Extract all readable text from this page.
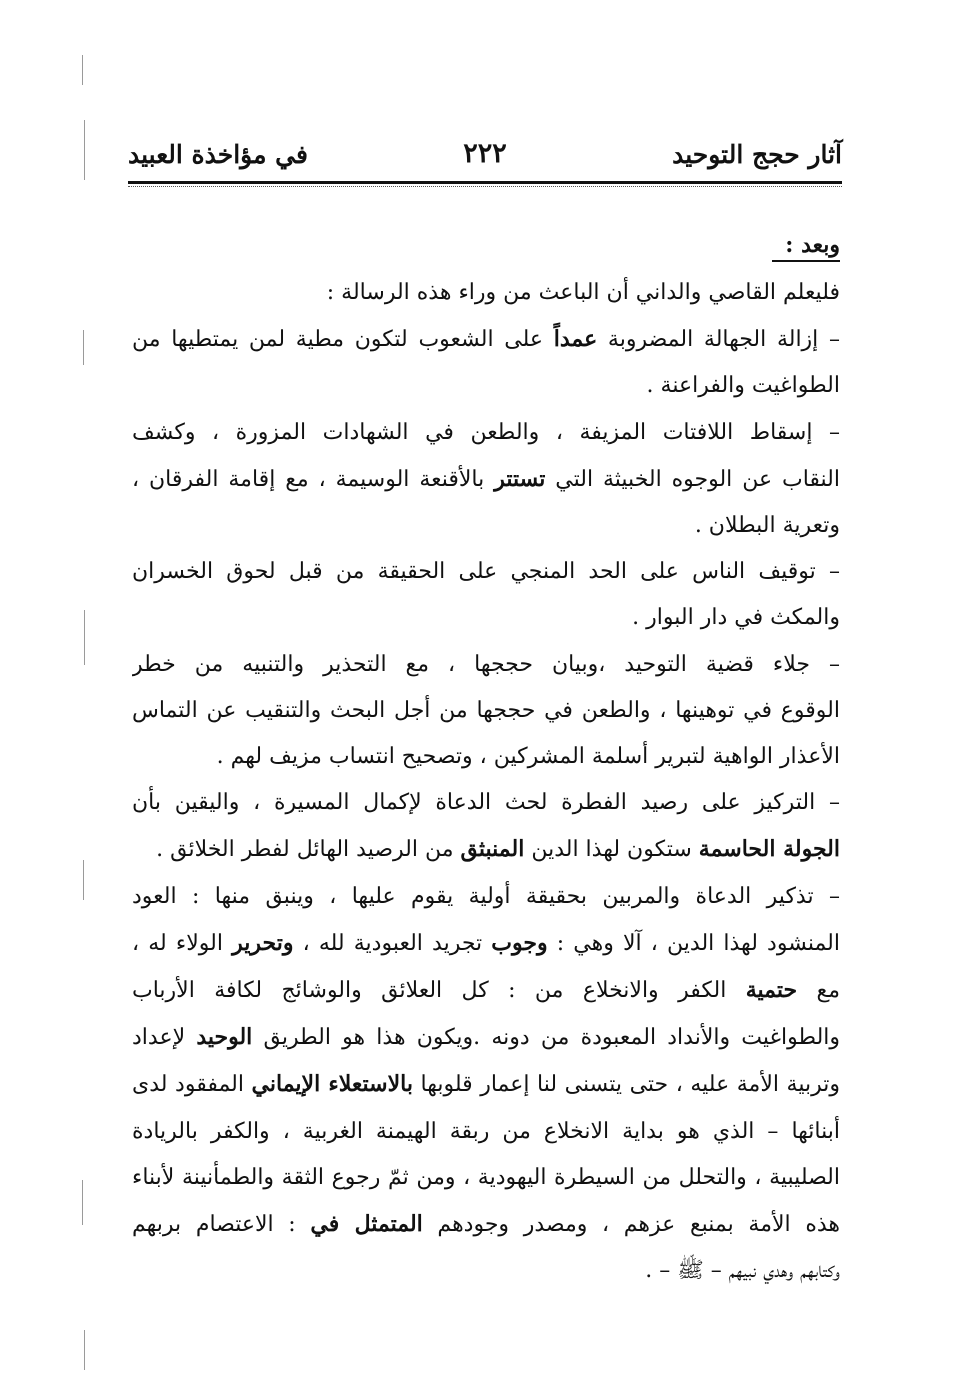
آثار حجج التوحيد
٢٢٢
في مؤاخذة العبيد
وبعد :
فليعلم القاصي والداني أن الباعث من وراء هذه الرسالة :
– إزالة الجهالة المضروبة عمداً على الشعوب لتكون مطية لمن يمتطيها من
الطواغيت والفراعنة .
– إسقاط اللافتات المزيفة ، والطعن في الشهادات المزورة ، وكشف
النقاب عن الوجوه الخبيثة التي تستتر بالأقنعة الوسيمة ، مع إقامة الفرقان ،
وتعرية البطلان .
– توقيف الناس على الحد المنجي على الحقيقة من قبل لحوق الخسران
والمكث في دار البوار .
– جلاء قضية التوحيد ،وبيان حججها ، مع التحذير والتنبيه من خطر
الوقوع في توهينها ، والطعن في حججها من أجل البحث والتنقيب عن التماس
الأعذار الواهية لتبرير أسلمة المشركين ، وتصحيح انتساب مزيف لهم .
– التركيز على رصيد الفطرة لحث الدعاة لإكمال المسيرة ، واليقين بأن
الجولة الحاسمة ستكون لهذا الدين المنبثق من الرصيد الهائل لفطر الخلائق .
– تذكير الدعاة والمربين بحقيقة أولية يقوم عليها ، وينبق منها : العود
المنشود لهذا الدين ، آلا وهي : وجوب تجريد العبودية لله ، وتحرير الولاء له ،
مع حتمية الكفر والانخلاع من : كل العلائق والوشائج لكافة الأرباب
والطواغيت والأنداد المعبودة من دونه .ويكون هذا هو الطريق الوحيد لإعداد
وتربية الأمة عليه ، حتى يتسنى لنا إعمار قلوبها بالاستعلاء الإيماني المفقود لدى
أبنائها – الذي هو بداية الانخلاع من ربقة الهيمنة الغربية ، والكفر بالريادة
الصليبية ، والتحلل من السيطرة اليهودية ، ومن ثمّ رجوع الثقة والطمأنينة لأبناء
هذه الأمة بمنبع عزهم ، ومصدر وجودهم المتمثل في : الاعتصام بربهم
وكتابهم وهدي نبيهم – ﷺ – .
